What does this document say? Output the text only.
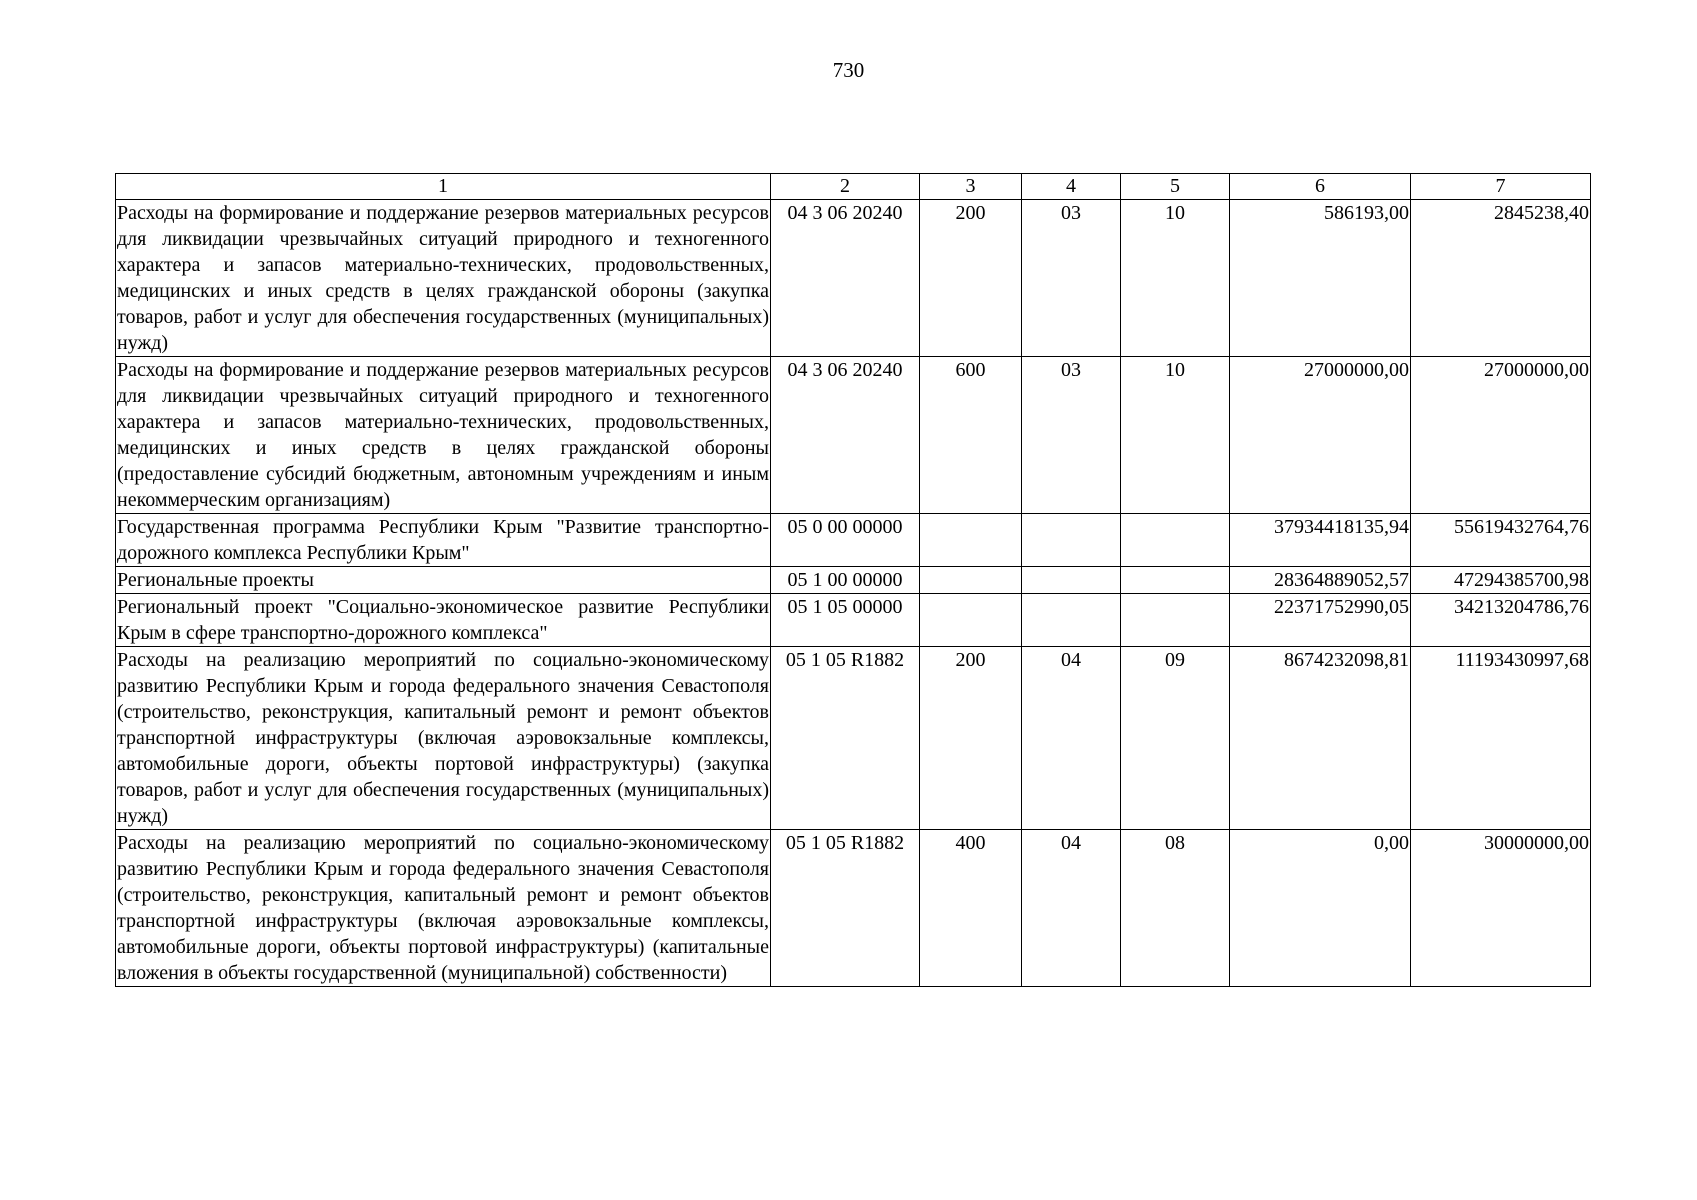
730
1	2	3	4	5	6	7
Расходы на формирование и поддержание резервов материальных ресурсов для ликвидации чрезвычайных ситуаций природного и техногенного характера и запасов материально-технических, продовольственных, медицинских и иных средств в целях гражданской обороны (закупка товаров, работ и услуг для обеспечения государственных (муниципальных) нужд)	04 3 06 20240	200	03	10	586193,00	2845238,40
Расходы на формирование и поддержание резервов материальных ресурсов для ликвидации чрезвычайных ситуаций природного и техногенного характера и запасов материально-технических, продовольственных, медицинских и иных средств в целях гражданской обороны (предоставление субсидий бюджетным, автономным учреждениям и иным некоммерческим организациям)	04 3 06 20240	600	03	10	27000000,00	27000000,00
Государственная программа Республики Крым "Развитие транспортно-дорожного комплекса Республики Крым"	05 0 00 00000				37934418135,94	55619432764,76
Региональные проекты	05 1 00 00000				28364889052,57	47294385700,98
Региональный проект "Социально-экономическое развитие Республики Крым в сфере транспортно-дорожного комплекса"	05 1 05 00000				22371752990,05	34213204786,76
Расходы на реализацию мероприятий по социально-экономическому развитию Республики Крым и города федерального значения Севастополя (строительство, реконструкция, капитальный ремонт и ремонт объектов транспортной инфраструктуры (включая аэровокзальные комплексы, автомобильные дороги, объекты портовой инфраструктуры) (закупка товаров, работ и услуг для обеспечения государственных (муниципальных) нужд)	05 1 05 R1882	200	04	09	8674232098,81	11193430997,68
Расходы на реализацию мероприятий по социально-экономическому развитию Республики Крым и города федерального значения Севастополя (строительство, реконструкция, капитальный ремонт и ремонт объектов транспортной инфраструктуры (включая аэровокзальные комплексы, автомобильные дороги, объекты портовой инфраструктуры) (капитальные вложения в объекты государственной (муниципальной) собственности)	05 1 05 R1882	400	04	08	0,00	30000000,00
